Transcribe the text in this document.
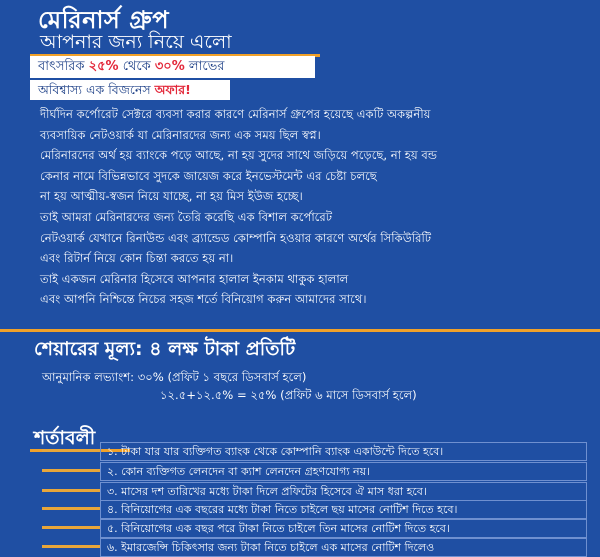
মেরিনার্স গ্রুপ
আপনার জন্য নিয়ে এলো
বাৎসরিক ২৫% থেকে ৩০% লাভের
অবিশ্বাস্য এক বিজনেস অফার!
দীর্ঘদিন কর্পোরেট সেক্টরে ব্যবসা করার কারণে মেরিনার্স গ্রুপের হয়েছে একটি অকল্পনীয়
ব্যবসায়িক নেটওয়ার্ক যা মেরিনারদের জন্য এক সময় ছিল স্বপ্ন।
মেরিনারদের অর্থ হয় ব্যাংকে পড়ে আছে, না হয় সুদের সাথে জড়িয়ে পড়েছে, না হয় বন্ড
কেনার নামে বিভিন্নভাবে সুদকে জায়েজ করে ইনভেস্টমেন্ট এর চেষ্টা চলছে
না হয় আত্মীয়-স্বজন নিয়ে যাচ্ছে, না হয় মিস ইউজ হচ্ছে।
তাই আমরা মেরিনারদের জন্য তৈরি করেছি এক বিশাল কর্পোরেট
নেটওয়ার্ক যেখানে রিনাউন্ড এবং ব্র্যান্ডেড কোম্পানি হওয়ার কারণে অর্থের সিকিউরিটি
এবং রিটার্ন নিয়ে কোন চিন্তা করতে হয় না।
তাই একজন মেরিনার হিসেবে আপনার হালাল ইনকাম থাকুক হালাল
এবং আপনি নিশ্চিন্তে নিচের সহজ শর্তে বিনিয়োগ করুন আমাদের সাথে।
শেয়ারের মূল্য: ৪ লক্ষ টাকা প্রতিটি
আনুমানিক লভ্যাংশ: ৩০% (প্রফিট ১ বছরে ডিসবার্স হলে)
১২.৫+১২.৫% = ২৫% (প্রফিট ৬ মাসে ডিসবার্স হলে)
শর্তাবলী
১. টাকা যার যার ব্যক্তিগত ব্যাংক থেকে কোম্পানি ব্যাংক একাউন্টে দিতে হবে।
২. কোন ব্যক্তিগত লেনদেন বা ক্যাশ লেনদেন গ্রহণযোগ্য নয়।
৩. মাসের দশ তারিখের মধ্যে টাকা দিলে প্রফিটের হিসেবে ঐ মাস ধরা হবে।
৪. বিনিয়োগের এক বছরের মধ্যে টাকা নিতে চাইলে ছয় মাসের নোটিশ দিতে হবে।
৫. বিনিয়োগের এক বছর পরে টাকা নিতে চাইলে তিন মাসের নোটিশ দিতে হবে।
৬. ইমারজেন্সি চিকিৎসার জন্য টাকা নিতে চাইলে এক মাসের নোটিশ দিলেও
